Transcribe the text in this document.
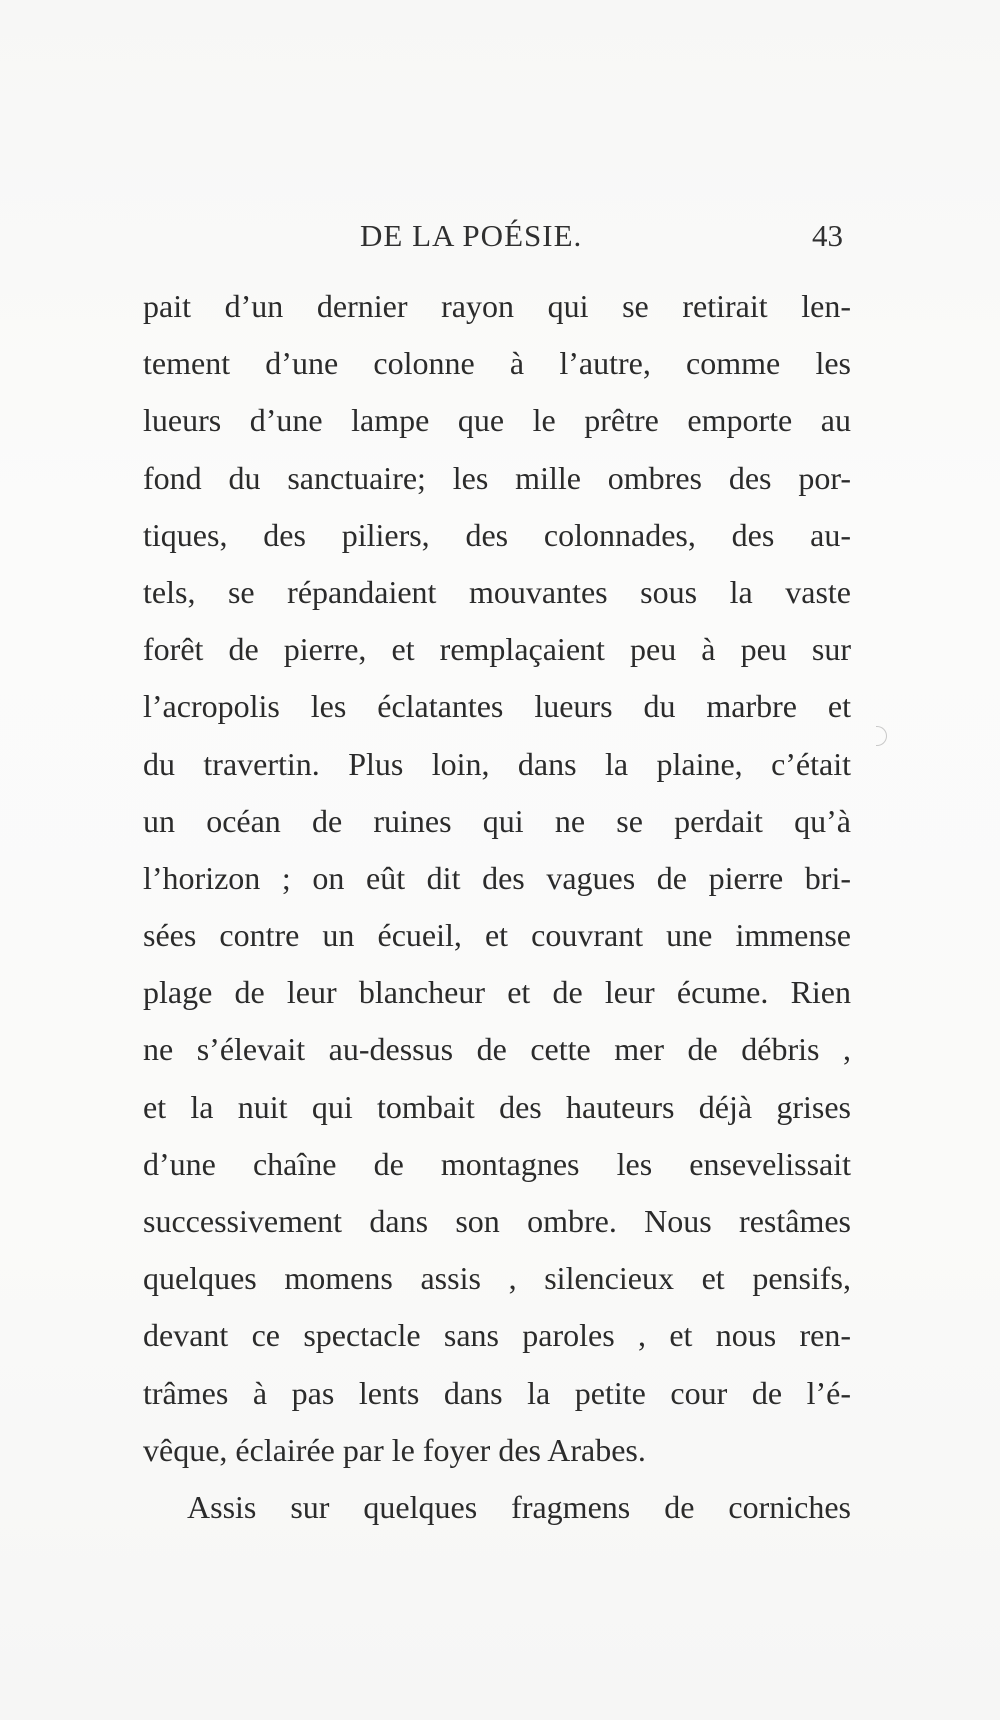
DE LA POÉSIE.	43
pait d’un dernier rayon qui se retirait len-
tement d’une colonne à l’autre, comme les
lueurs d’une lampe que le prêtre emporte au
fond du sanctuaire; les mille ombres des por-
tiques, des piliers, des colonnades, des au-
tels, se répandaient mouvantes sous la vaste
forêt de pierre, et remplaçaient peu à peu sur
l’acropolis les éclatantes lueurs du marbre et
du travertin. Plus loin, dans la plaine, c’était
un océan de ruines qui ne se perdait qu’à
l’horizon ; on eût dit des vagues de pierre bri-
sées contre un écueil, et couvrant une immense
plage de leur blancheur et de leur écume. Rien
ne s’élevait au-dessus de cette mer de débris ,
et la nuit qui tombait des hauteurs déjà grises
d’une chaîne de montagnes les ensevelissait
successivement dans son ombre. Nous restâmes
quelques momens assis , silencieux et pensifs,
devant ce spectacle sans paroles , et nous ren-
trâmes à pas lents dans la petite cour de l’é-
vêque, éclairée par le foyer des Arabes.
Assis sur quelques fragmens de corniches
